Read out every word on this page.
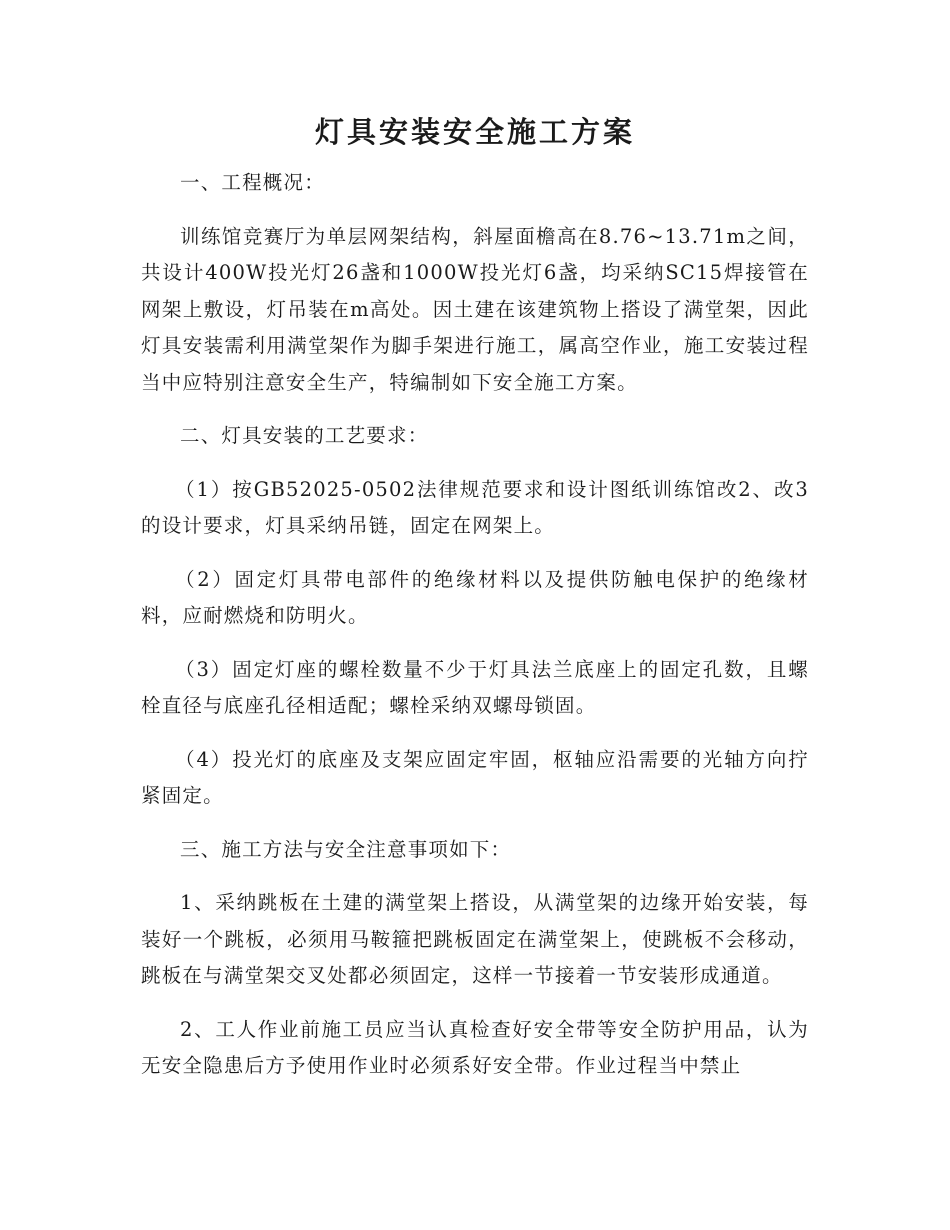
灯具安装安全施工方案

一、工程概况：

训练馆竞赛厅为单层网架结构，斜屋面檐高在8.76~13.71m之间，共设计400W投光灯26盏和1000W投光灯6盏，均采纳SC15焊接管在网架上敷设，灯吊装在m高处。因土建在该建筑物上搭设了满堂架，因此灯具安装需利用满堂架作为脚手架进行施工，属高空作业，施工安装过程当中应特别注意安全生产，特编制如下安全施工方案。

二、灯具安装的工艺要求：

（1）按GB52025-0502法律规范要求和设计图纸训练馆改2、改3的设计要求，灯具采纳吊链，固定在网架上。

（2）固定灯具带电部件的绝缘材料以及提供防触电保护的绝缘材料，应耐燃烧和防明火。

（3）固定灯座的螺栓数量不少于灯具法兰底座上的固定孔数，且螺栓直径与底座孔径相适配；螺栓采纳双螺母锁固。

（4）投光灯的底座及支架应固定牢固，枢轴应沿需要的光轴方向拧紧固定。

三、施工方法与安全注意事项如下：

1、采纳跳板在土建的满堂架上搭设，从满堂架的边缘开始安装，每装好一个跳板，必须用马鞍箍把跳板固定在满堂架上，使跳板不会移动，跳板在与满堂架交叉处都必须固定，这样一节接着一节安装形成通道。

2、工人作业前施工员应当认真检查好安全带等安全防护用品，认为无安全隐患后方予使用作业时必须系好安全带。作业过程当中禁止
